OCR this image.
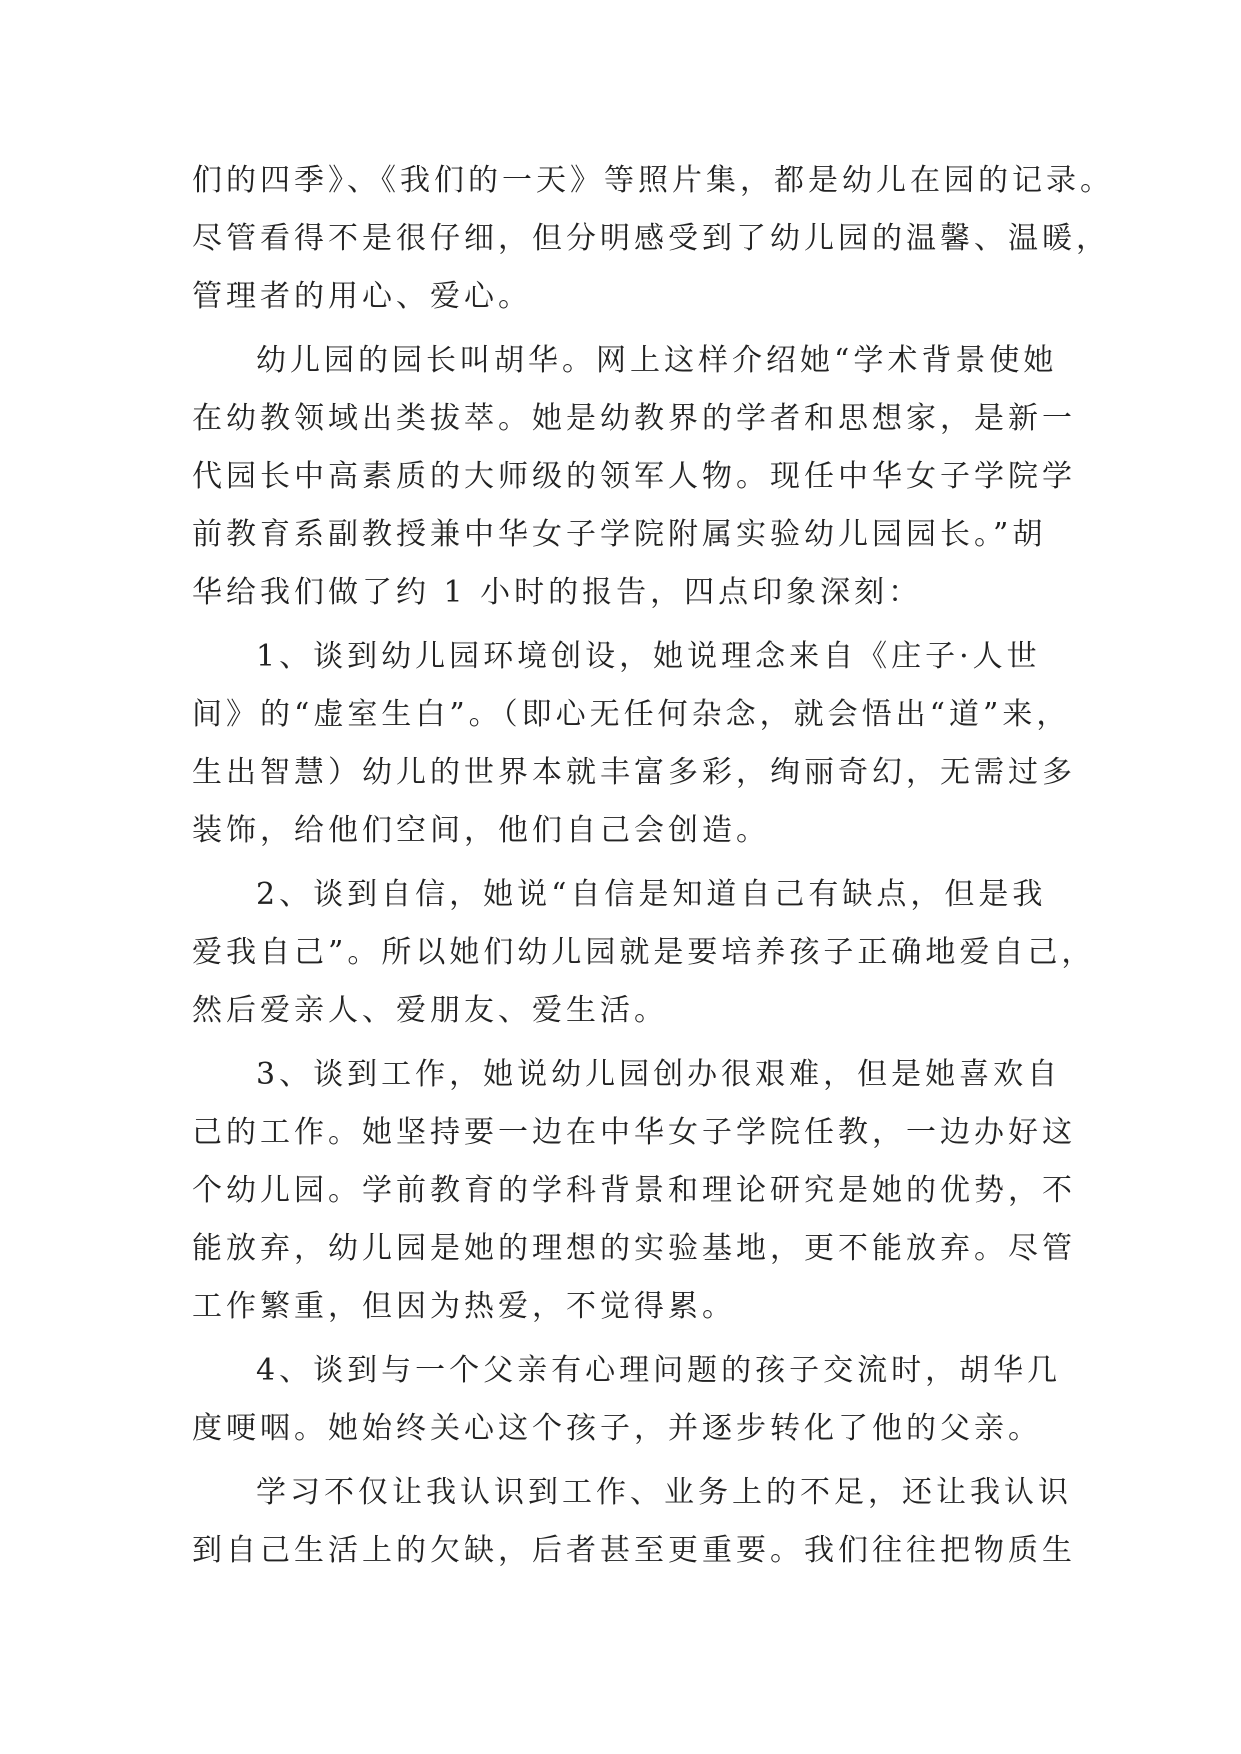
们的四季》、《我们的一天》等照片集，都是幼儿在园的记录。
尽管看得不是很仔细，但分明感受到了幼儿园的温馨、温暖，
管理者的用心、爱心。
幼儿园的园长叫胡华。网上这样介绍她“学术背景使她
在幼教领域出类拔萃。她是幼教界的学者和思想家，是新一
代园长中高素质的大师级的领军人物。现任中华女子学院学
前教育系副教授兼中华女子学院附属实验幼儿园园长。”胡
华给我们做了约 1 小时的报告，四点印象深刻：
1、谈到幼儿园环境创设，她说理念来自《庄子·人世
间》的“虚室生白”。（即心无任何杂念，就会悟出“道”来，
生出智慧）幼儿的世界本就丰富多彩，绚丽奇幻，无需过多
装饰，给他们空间，他们自己会创造。
2、谈到自信，她说“自信是知道自己有缺点，但是我
爱我自己”。所以她们幼儿园就是要培养孩子正确地爱自己，
然后爱亲人、爱朋友、爱生活。
3、谈到工作，她说幼儿园创办很艰难，但是她喜欢自
己的工作。她坚持要一边在中华女子学院任教，一边办好这
个幼儿园。学前教育的学科背景和理论研究是她的优势，不
能放弃，幼儿园是她的理想的实验基地，更不能放弃。尽管
工作繁重，但因为热爱，不觉得累。
4、谈到与一个父亲有心理问题的孩子交流时，胡华几
度哽咽。她始终关心这个孩子，并逐步转化了他的父亲。
学习不仅让我认识到工作、业务上的不足，还让我认识
到自己生活上的欠缺，后者甚至更重要。我们往往把物质生
